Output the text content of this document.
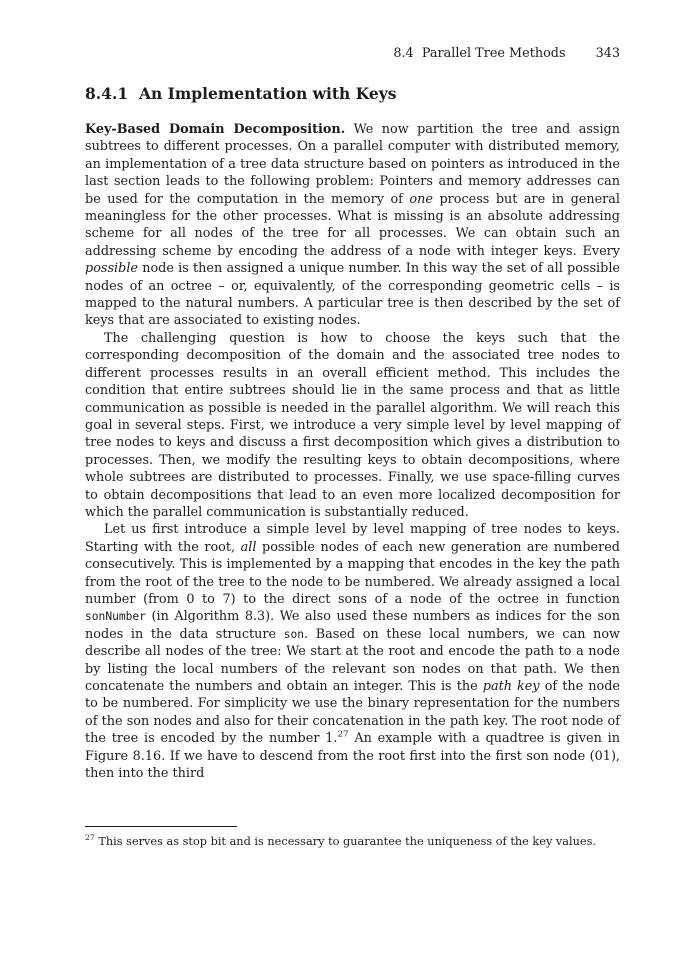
8.4  Parallel Tree Methods 343
8.4.1  An Implementation with Keys

Key-Based Domain Decomposition. We now partition the tree and assign subtrees to different processes. On a parallel computer with distributed memory, an implementation of a tree data structure based on pointers as introduced in the last section leads to the following problem: Pointers and memory addresses can be used for the computation in the memory of one process but are in general meaningless for the other processes. What is missing is an absolute addressing scheme for all nodes of the tree for all processes. We can obtain such an addressing scheme by encoding the address of a node with integer keys. Every possible node is then assigned a unique number. In this way the set of all possible nodes of an octree – or, equivalently, of the corresponding geometric cells – is mapped to the natural numbers. A particular tree is then described by the set of keys that are associated to existing nodes.

The challenging question is how to choose the keys such that the corresponding decomposition of the domain and the associated tree nodes to different processes results in an overall efficient method. This includes the condition that entire subtrees should lie in the same process and that as little communication as possible is needed in the parallel algorithm. We will reach this goal in several steps. First, we introduce a very simple level by level mapping of tree nodes to keys and discuss a first decomposition which gives a distribution to processes. Then, we modify the resulting keys to obtain decompositions, where whole subtrees are distributed to processes. Finally, we use space-filling curves to obtain decompositions that lead to an even more localized decomposition for which the parallel communication is substantially reduced.

Let us first introduce a simple level by level mapping of tree nodes to keys. Starting with the root, all possible nodes of each new generation are numbered consecutively. This is implemented by a mapping that encodes in the key the path from the root of the tree to the node to be numbered. We already assigned a local number (from 0 to 7) to the direct sons of a node of the octree in function sonNumber (in Algorithm 8.3). We also used these numbers as indices for the son nodes in the data structure son. Based on these local numbers, we can now describe all nodes of the tree: We start at the root and encode the path to a node by listing the local numbers of the relevant son nodes on that path. We then concatenate the numbers and obtain an integer. This is the path key of the node to be numbered. For simplicity we use the binary representation for the numbers of the son nodes and also for their concatenation in the path key. The root node of the tree is encoded by the number 1.27 An example with a quadtree is given in Figure 8.16. If we have to descend from the root first into the first son node (01), then into the third

$^{27}$ This serves as stop bit and is necessary to guarantee the uniqueness of the key values.
